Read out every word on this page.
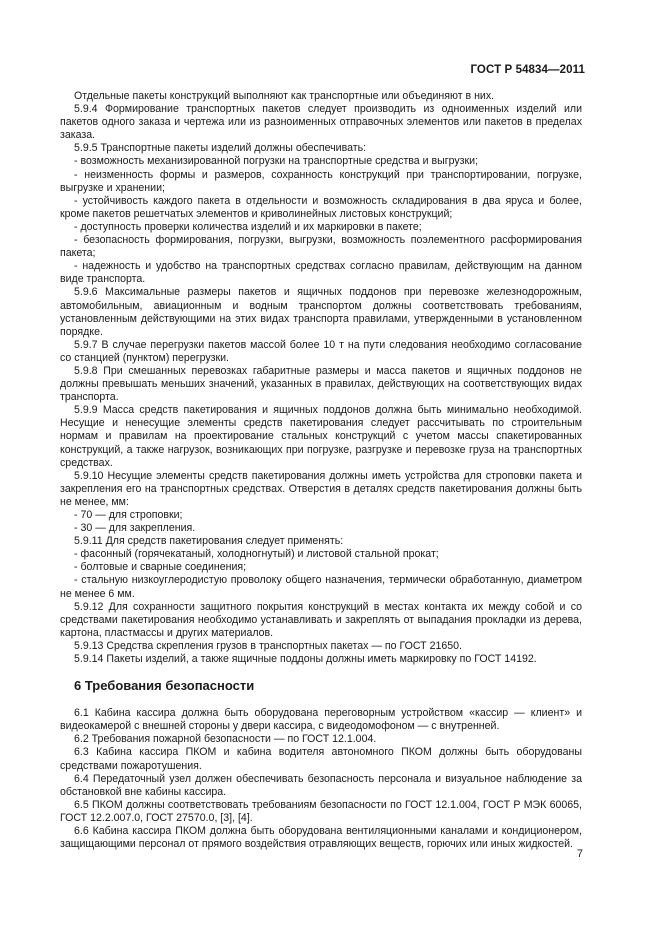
ГОСТ Р 54834—2011

Отдельные пакеты конструкций выполняют как транспортные или объединяют в них.

5.9.4 Формирование транспортных пакетов следует производить из одноименных изделий или пакетов одного заказа и чертежа или из разноименных отправочных элементов или пакетов в пределах заказа.

5.9.5 Транспортные пакеты изделий должны обеспечивать:

- возможность механизированной погрузки на транспортные средства и выгрузки;

- неизменность формы и размеров, сохранность конструкций при транспортировании, погрузке, выгрузке и хранении;

- устойчивость каждого пакета в отдельности и возможность складирования в два яруса и более, кроме пакетов решетчатых элементов и криволинейных листовых конструкций;

- доступность проверки количества изделий и их маркировки в пакете;

- безопасность формирования, погрузки, выгрузки, возможность поэлементного расформирования пакета;

- надежность и удобство на транспортных средствах согласно правилам, действующим на данном виде транспорта.

5.9.6 Максимальные размеры пакетов и ящичных поддонов при перевозке железнодорожным, автомобильным, авиационным и водным транспортом должны соответствовать требованиям, установленным действующими на этих видах транспорта правилами, утвержденными в установленном порядке.

5.9.7 В случае перегрузки пакетов массой более 10 т на пути следования необходимо согласование со станцией (пунктом) перегрузки.

5.9.8 При смешанных перевозках габаритные размеры и масса пакетов и ящичных поддонов не должны превышать меньших значений, указанных в правилах, действующих на соответствующих видах транспорта.

5.9.9 Масса средств пакетирования и ящичных поддонов должна быть минимально необходимой. Несущие и ненесущие элементы средств пакетирования следует рассчитывать по строительным нормам и правилам на проектирование стальных конструкций с учетом массы спакетированных конструкций, а также нагрузок, возникающих при погрузке, разгрузке и перевозке груза на транспортных средствах.

5.9.10 Несущие элементы средств пакетирования должны иметь устройства для строповки пакета и закрепления его на транспортных средствах. Отверстия в деталях средств пакетирования должны быть не менее, мм:

- 70 — для строповки;

- 30 — для закрепления.

5.9.11 Для средств пакетирования следует применять:

- фасонный (горячекатаный, холодногнутый) и листовой стальной прокат;

- болтовые и сварные соединения;

- стальную низкоуглеродистую проволоку общего назначения, термически обработанную, диаметром не менее 6 мм.

5.9.12 Для сохранности защитного покрытия конструкций в местах контакта их между собой и со средствами пакетирования необходимо устанавливать и закреплять от выпадания прокладки из дерева, картона, пластмассы и других материалов.

5.9.13 Средства скрепления грузов в транспортных пакетах — по ГОСТ 21650.

5.9.14 Пакеты изделий, а также ящичные поддоны должны иметь маркировку по ГОСТ 14192.

6 Требования безопасности

6.1 Кабина кассира должна быть оборудована переговорным устройством «кассир — клиент» и видеокамерой с внешней стороны у двери кассира, с видеодомофоном — с внутренней.

6.2 Требования пожарной безопасности — по ГОСТ 12.1.004.

6.3 Кабина кассира ПКОМ и кабина водителя автономного ПКОМ должны быть оборудованы средствами пожаротушения.

6.4 Передаточный узел должен обеспечивать безопасность персонала и визуальное наблюдение за обстановкой вне кабины кассира.

6.5 ПКОМ должны соответствовать требованиям безопасности по ГОСТ 12.1.004, ГОСТ Р МЭК 60065, ГОСТ 12.2.007.0, ГОСТ 27570.0, [3], [4].

6.6 Кабина кассира ПКОМ должна быть оборудована вентиляционными каналами и кондиционером, защищающими персонал от прямого воздействия отравляющих веществ, горючих или иных жидкостей.

7
